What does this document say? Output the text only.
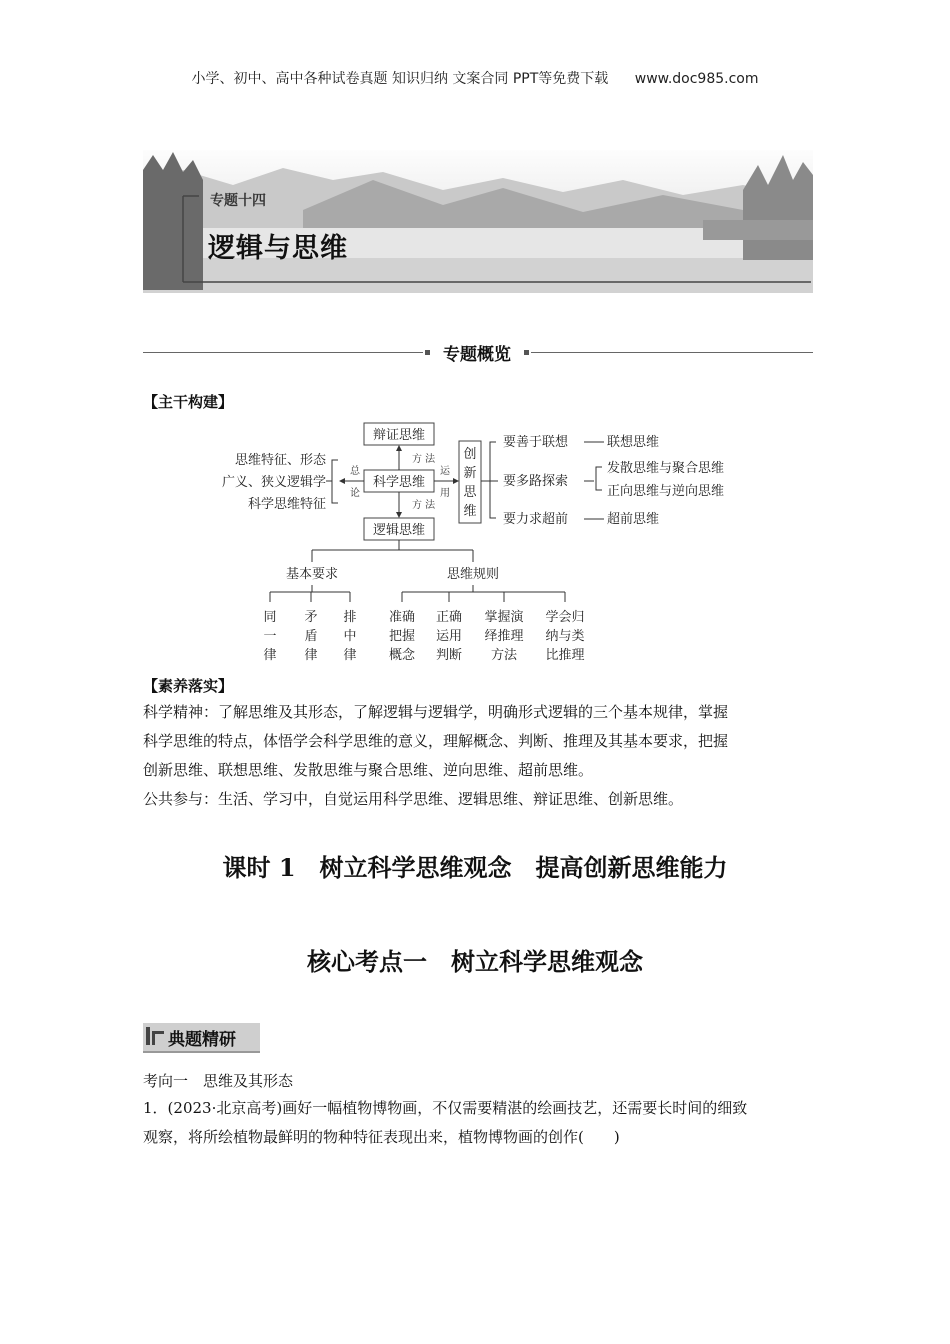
小学、初中、高中各种试卷真题 知识归纳 文案合同 PPT等免费下载 www.doc985.com
专题十四
逻辑与思维
专题概览
【主干构建】
辩证思维
科学思维
逻辑思维
方 法
方 法
总
论
思维特征、形态
广义、狭义逻辑学
科学思维特征
运
用
创
新
思
维
要善于联想	联想思维
要多路探索
发散思维与聚合思维
正向思维与逆向思维
要力求超前	超前思维
基本要求	思维规则
同
一
律
矛
盾
律
排
中
律
准确
把握
概念
正确
运用
判断
掌握演
绎推理
方法
学会归
纳与类
比推理
【素养落实】
科学精神：了解思维及其形态，了解逻辑与逻辑学，明确形式逻辑的三个基本规律，掌握
科学思维的特点，体悟学会科学思维的意义，理解概念、判断、推理及其基本要求，把握
创新思维、联想思维、发散思维与聚合思维、逆向思维、超前思维。
公共参与：生活、学习中，自觉运用科学思维、逻辑思维、辩证思维、创新思维。
课时 1　树立科学思维观念　提高创新思维能力
核心考点一　树立科学思维观念
典题精研
考向一　思维及其形态
1．(2023·北京高考)画好一幅植物博物画，不仅需要精湛的绘画技艺，还需要长时间的细致
观察，将所绘植物最鲜明的物种特征表现出来，植物博物画的创作(　　)
